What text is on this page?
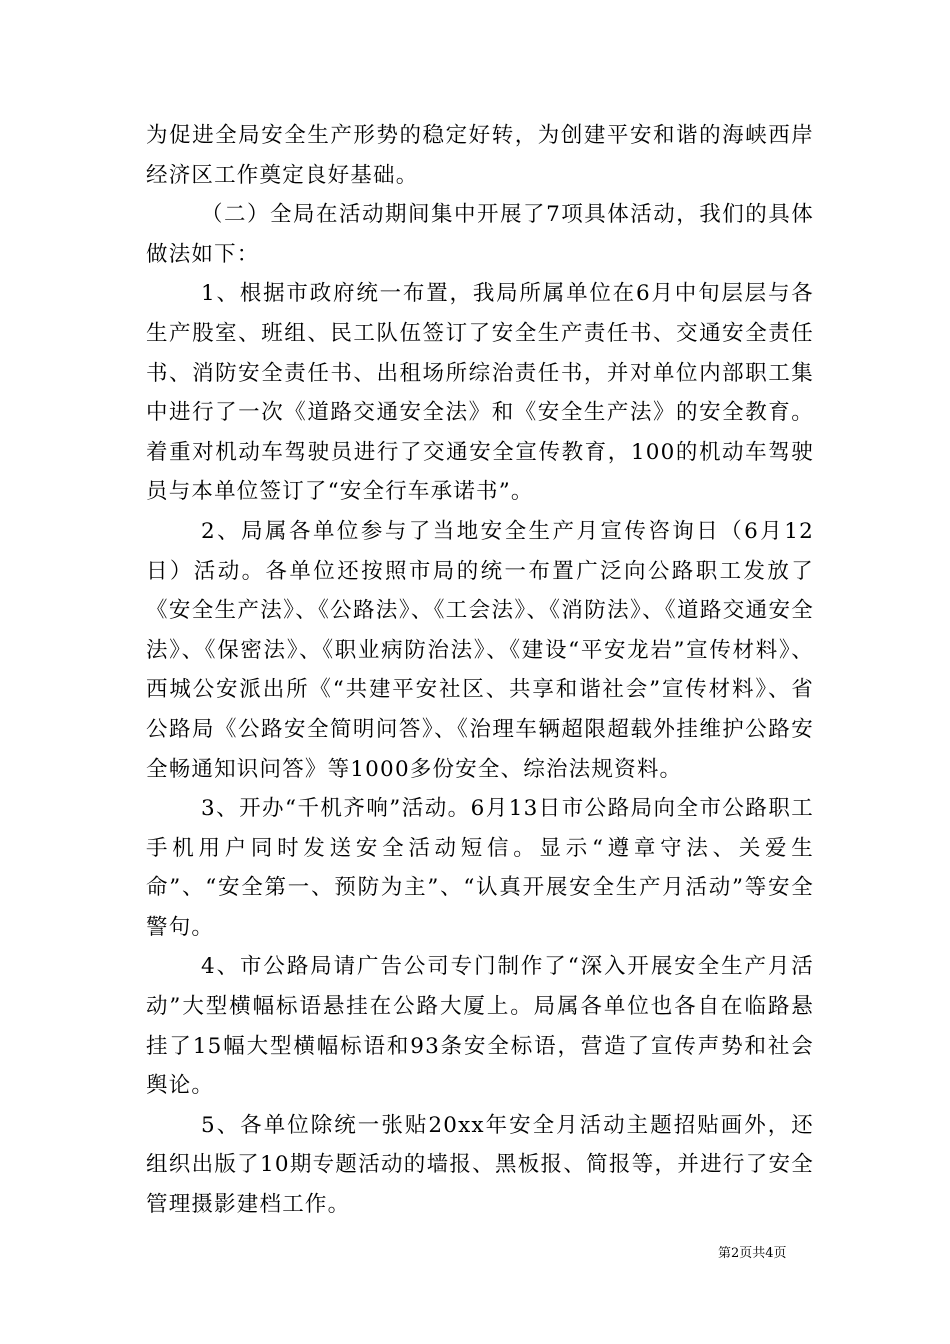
为促进全局安全生产形势的稳定好转，为创建平安和谐的海峡西岸经济区工作奠定良好基础。

（二）全局在活动期间集中开展了7项具体活动，我们的具体做法如下：

1、根据市政府统一布置，我局所属单位在6月中旬层层与各生产股室、班组、民工队伍签订了安全生产责任书、交通安全责任书、消防安全责任书、出租场所综治责任书，并对单位内部职工集中进行了一次《道路交通安全法》和《安全生产法》的安全教育。着重对机动车驾驶员进行了交通安全宣传教育，100的机动车驾驶员与本单位签订了“安全行车承诺书”。

2、局属各单位参与了当地安全生产月宣传咨询日（6月12日）活动。各单位还按照市局的统一布置广泛向公路职工发放了《安全生产法》、《公路法》、《工会法》、《消防法》、《道路交通安全法》、《保密法》、《职业病防治法》、《建设“平安龙岩”宣传材料》、西城公安派出所《“共建平安社区、共享和谐社会”宣传材料》、省公路局《公路安全简明问答》、《治理车辆超限超载外挂维护公路安全畅通知识问答》等1000多份安全、综治法规资料。

3、开办“千机齐响”活动。6月13日市公路局向全市公路职工手机用户同时发送安全活动短信。显示“遵章守法、关爱生命”、“安全第一、预防为主”、“认真开展安全生产月活动”等安全警句。

4、市公路局请广告公司专门制作了“深入开展安全生产月活动”大型横幅标语悬挂在公路大厦上。局属各单位也各自在临路悬挂了15幅大型横幅标语和93条安全标语，营造了宣传声势和社会舆论。

5、各单位除统一张贴20xx年安全月活动主题招贴画外，还组织出版了10期专题活动的墙报、黑板报、简报等，并进行了安全管理摄影建档工作。

第2页共4页
